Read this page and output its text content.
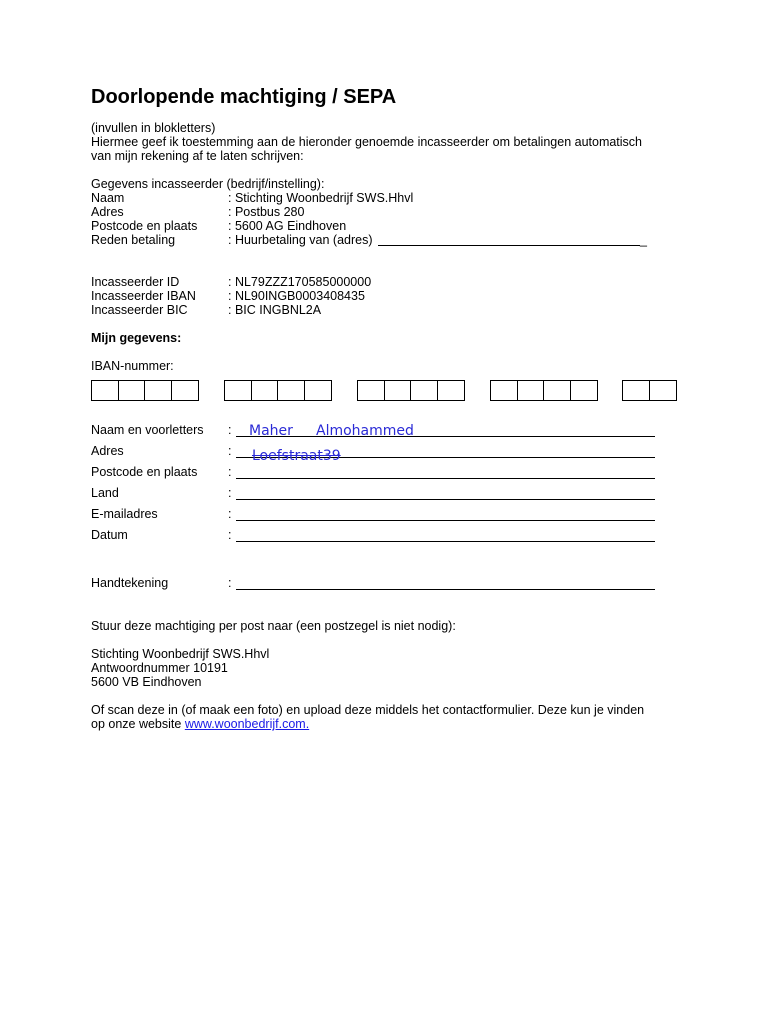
Doorlopende machtiging / SEPA
(invullen in blokletters)
Hiermee geef ik toestemming aan de hieronder genoemde incasseerder om betalingen automatisch
van mijn rekening af te laten schrijven:
Gegevens incasseerder (bedrijf/instelling):
Naam	: Stichting Woonbedrijf SWS.Hhvl
Adres	: Postbus 280
Postcode en plaats : 5600 AG Eindhoven
Reden betaling	: Huurbetaling van (adres)	_
Incasseerder ID	: NL79ZZZ170585000000
Incasseerder IBAN	: NL90INGB0003408435
Incasseerder BIC	: BIC INGBNL2A
Mijn gegevens:
IBAN-nummer:
Naam en voorletters : Maher Almohammed
Adres	: Loefstraat39
Postcode en plaats :
Land	:
E-mailadres	:
Datum	:
Handtekening	:
Stuur deze machtiging per post naar (een postzegel is niet nodig):
Stichting Woonbedrijf SWS.Hhvl
Antwoordnummer 10191
5600 VB Eindhoven
Of scan deze in (of maak een foto) en upload deze middels het contactformulier. Deze kun je vinden
op onze website www.woonbedrijf.com.
